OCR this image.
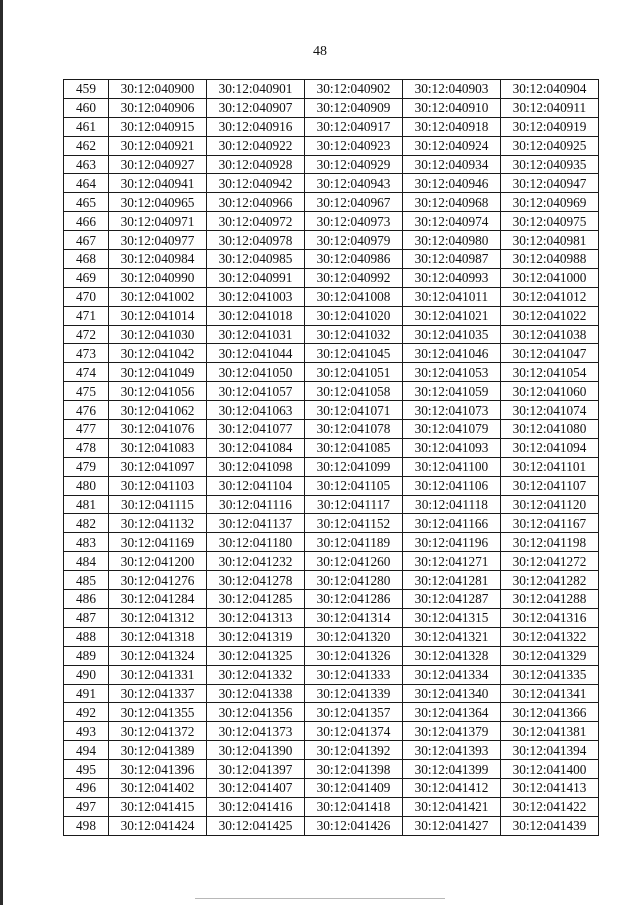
48
459	30:12:040900	30:12:040901	30:12:040902	30:12:040903	30:12:040904
460	30:12:040906	30:12:040907	30:12:040909	30:12:040910	30:12:040911
461	30:12:040915	30:12:040916	30:12:040917	30:12:040918	30:12:040919
462	30:12:040921	30:12:040922	30:12:040923	30:12:040924	30:12:040925
463	30:12:040927	30:12:040928	30:12:040929	30:12:040934	30:12:040935
464	30:12:040941	30:12:040942	30:12:040943	30:12:040946	30:12:040947
465	30:12:040965	30:12:040966	30:12:040967	30:12:040968	30:12:040969
466	30:12:040971	30:12:040972	30:12:040973	30:12:040974	30:12:040975
467	30:12:040977	30:12:040978	30:12:040979	30:12:040980	30:12:040981
468	30:12:040984	30:12:040985	30:12:040986	30:12:040987	30:12:040988
469	30:12:040990	30:12:040991	30:12:040992	30:12:040993	30:12:041000
470	30:12:041002	30:12:041003	30:12:041008	30:12:041011	30:12:041012
471	30:12:041014	30:12:041018	30:12:041020	30:12:041021	30:12:041022
472	30:12:041030	30:12:041031	30:12:041032	30:12:041035	30:12:041038
473	30:12:041042	30:12:041044	30:12:041045	30:12:041046	30:12:041047
474	30:12:041049	30:12:041050	30:12:041051	30:12:041053	30:12:041054
475	30:12:041056	30:12:041057	30:12:041058	30:12:041059	30:12:041060
476	30:12:041062	30:12:041063	30:12:041071	30:12:041073	30:12:041074
477	30:12:041076	30:12:041077	30:12:041078	30:12:041079	30:12:041080
478	30:12:041083	30:12:041084	30:12:041085	30:12:041093	30:12:041094
479	30:12:041097	30:12:041098	30:12:041099	30:12:041100	30:12:041101
480	30:12:041103	30:12:041104	30:12:041105	30:12:041106	30:12:041107
481	30:12:041115	30:12:041116	30:12:041117	30:12:041118	30:12:041120
482	30:12:041132	30:12:041137	30:12:041152	30:12:041166	30:12:041167
483	30:12:041169	30:12:041180	30:12:041189	30:12:041196	30:12:041198
484	30:12:041200	30:12:041232	30:12:041260	30:12:041271	30:12:041272
485	30:12:041276	30:12:041278	30:12:041280	30:12:041281	30:12:041282
486	30:12:041284	30:12:041285	30:12:041286	30:12:041287	30:12:041288
487	30:12:041312	30:12:041313	30:12:041314	30:12:041315	30:12:041316
488	30:12:041318	30:12:041319	30:12:041320	30:12:041321	30:12:041322
489	30:12:041324	30:12:041325	30:12:041326	30:12:041328	30:12:041329
490	30:12:041331	30:12:041332	30:12:041333	30:12:041334	30:12:041335
491	30:12:041337	30:12:041338	30:12:041339	30:12:041340	30:12:041341
492	30:12:041355	30:12:041356	30:12:041357	30:12:041364	30:12:041366
493	30:12:041372	30:12:041373	30:12:041374	30:12:041379	30:12:041381
494	30:12:041389	30:12:041390	30:12:041392	30:12:041393	30:12:041394
495	30:12:041396	30:12:041397	30:12:041398	30:12:041399	30:12:041400
496	30:12:041402	30:12:041407	30:12:041409	30:12:041412	30:12:041413
497	30:12:041415	30:12:041416	30:12:041418	30:12:041421	30:12:041422
498	30:12:041424	30:12:041425	30:12:041426	30:12:041427	30:12:041439
